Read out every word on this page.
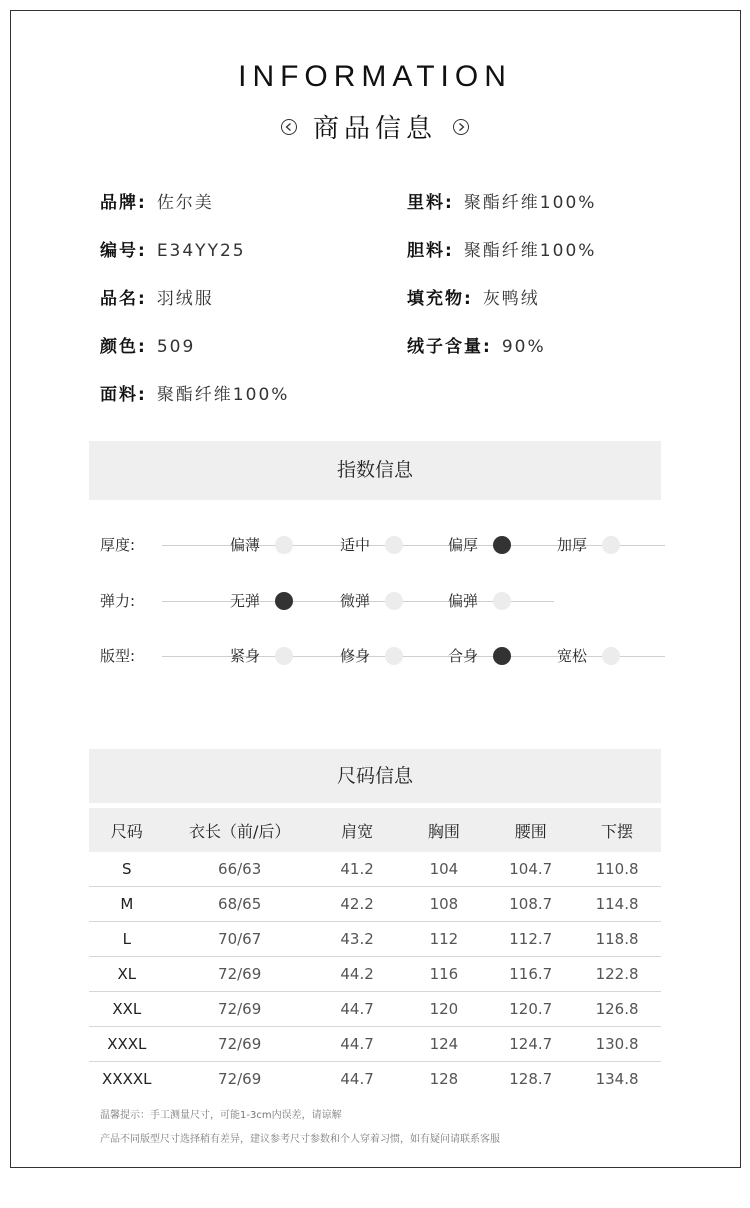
INFORMATION
商品信息
品牌: 佐尔美	里料: 聚酯纤维100%
编号: E34YY25	胆料: 聚酯纤维100%
品名: 羽绒服	填充物: 灰鸭绒
颜色: 509	绒子含量: 90%
面料: 聚酯纤维100%
指数信息
厚度:	偏薄	适中	偏厚	加厚
弹力:	无弹	微弹	偏弹
版型:	紧身	修身	合身	宽松
尺码信息
尺码	衣长（前/后）	肩宽	胸围	腰围	下摆
S	66/63	41.2	104	104.7	110.8
M	68/65	42.2	108	108.7	114.8
L	70/67	43.2	112	112.7	118.8
XL	72/69	44.2	116	116.7	122.8
XXL	72/69	44.7	120	120.7	126.8
XXXL	72/69	44.7	124	124.7	130.8
XXXXL	72/69	44.7	128	128.7	134.8
温馨提示：手工测量尺寸，可能1-3cm内误差，请谅解
产品不同版型尺寸选择稍有差异，建议参考尺寸参数和个人穿着习惯，如有疑问请联系客服
